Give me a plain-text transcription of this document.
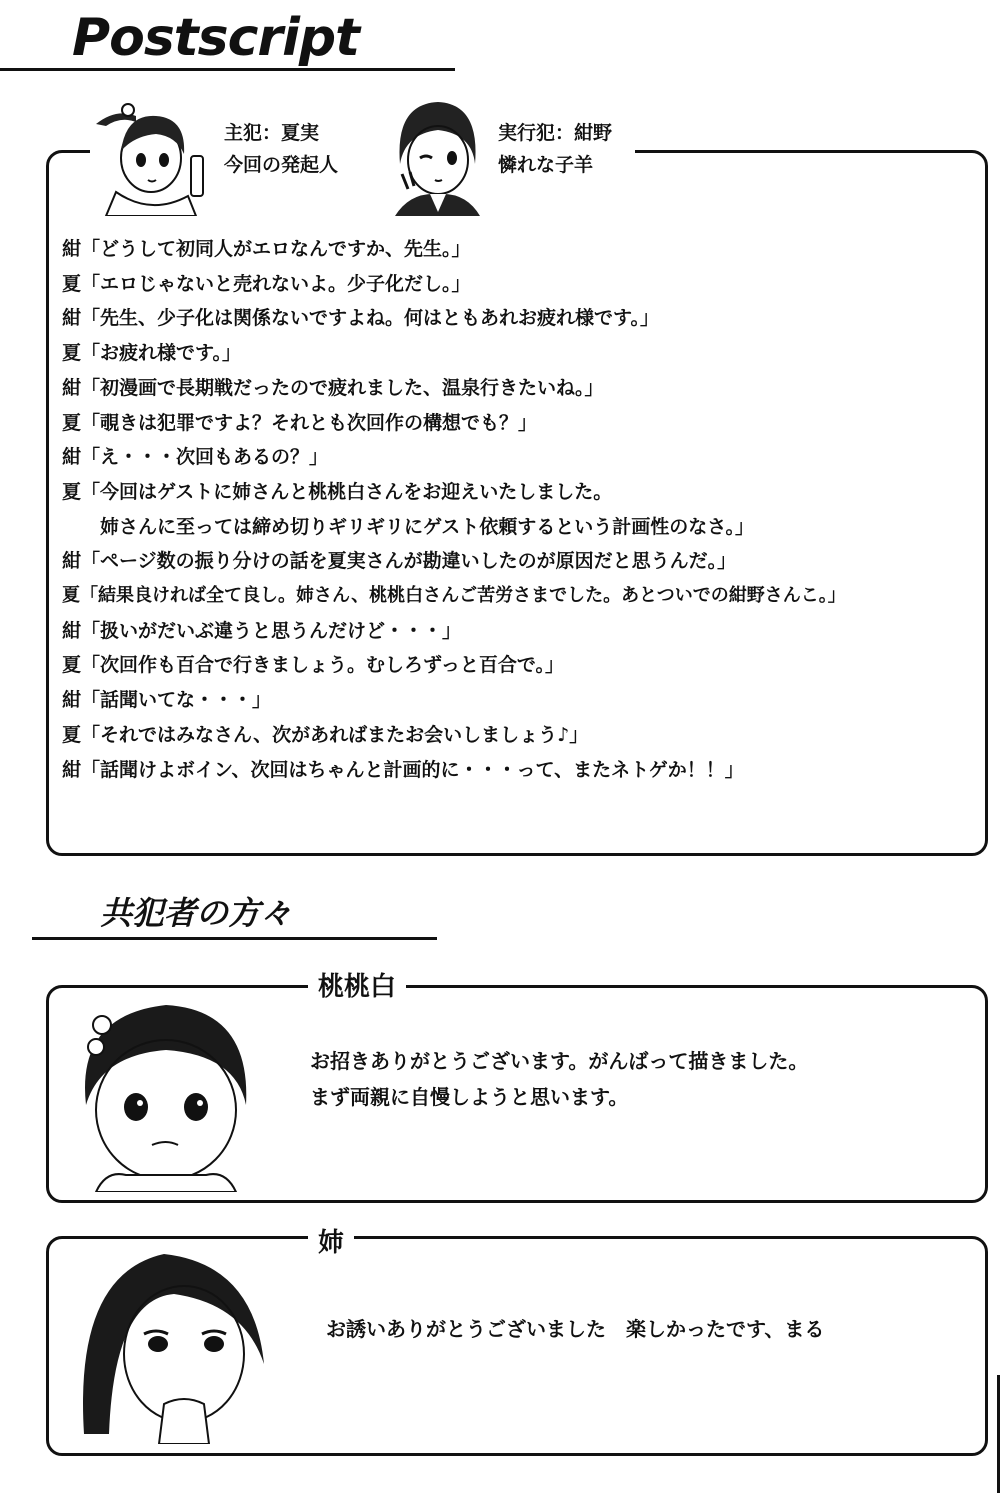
Postscript
主犯：夏実
今回の発起人
実行犯：紺野
憐れな子羊
紺「どうして初同人がエロなんですか、先生。」
夏「エロじゃないと売れないよ。少子化だし。」
紺「先生、少子化は関係ないですよね。何はともあれお疲れ様です。」
夏「お疲れ様です。」
紺「初漫画で長期戦だったので疲れました、温泉行きたいね。」
夏「覗きは犯罪ですよ？それとも次回作の構想でも？」
紺「え・・・次回もあるの？」
夏「今回はゲストに姉さんと桃桃白さんをお迎えいたしました。
　　姉さんに至っては締め切りギリギリにゲスト依頼するという計画性のなさ。」
紺「ページ数の振り分けの話を夏実さんが勘違いしたのが原因だと思うんだ。」
夏「結果良ければ全て良し。姉さん、桃桃白さんご苦労さまでした。あとついでの紺野さんこ。」
紺「扱いがだいぶ違うと思うんだけど・・・」
夏「次回作も百合で行きましょう。むしろずっと百合で。」
紺「話聞いてな・・・」
夏「それではみなさん、次があればまたお会いしましょう♪」
紺「話聞けよボイン、次回はちゃんと計画的に・・・って、またネトゲか！！」
共犯者の方々
桃桃白
お招きありがとうございます。がんばって描きました。
まず両親に自慢しようと思います。
姉
お誘いありがとうございました　楽しかったです、まる
